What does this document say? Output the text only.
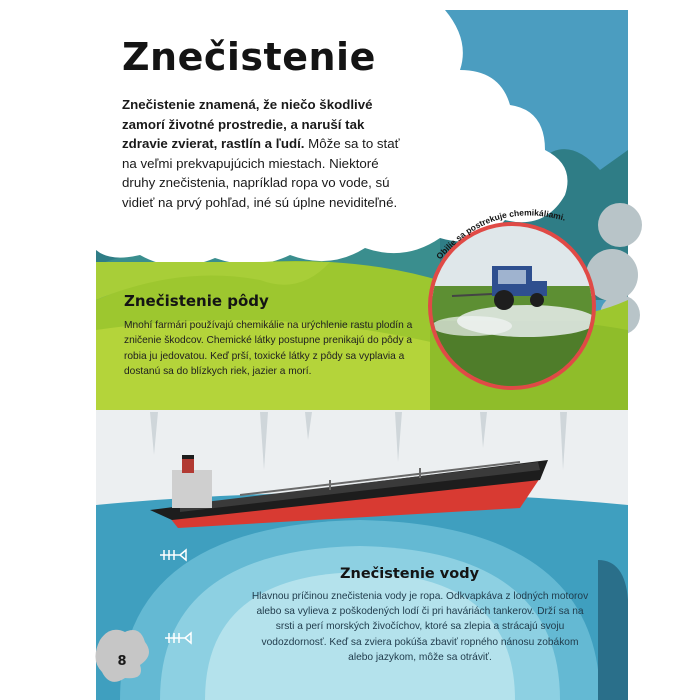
Znečistenie

Znečistenie znamená, že niečo škodlivé zamorí životné prostredie, a naruší tak zdravie zvierat, rastlín a ľudí. Môže sa to stať na veľmi prekvapujúcich miestach. Niektoré druhy znečistenia, napríklad ropa vo vode, sú vidieť na prvý pohľad, iné sú úplne neviditeľné.

Znečistenie pôdy

Mnohí farmári používajú chemikálie na urýchlenie rastu plodín a zničenie škodcov. Chemické látky postupne prenikajú do pôdy a robia ju jedovatou. Keď prší, toxické látky z pôdy sa vyplavia a dostanú sa do blízkych riek, jazier a morí.

Obilie sa postrekuje chemikáliami.
Znečistenie vody

Hlavnou príčinou znečistenia vody je ropa. Odkvapkáva z lodných motorov alebo sa vylieva z poškodených lodí či pri haváriách tankerov. Drží sa na srsti a perí morských živočíchov, ktoré sa zlepia a strácajú svoju vodozdornosť. Keď sa zviera pokúša zbaviť ropného nánosu zobákom alebo jazykom, môže sa otráviť.

8
